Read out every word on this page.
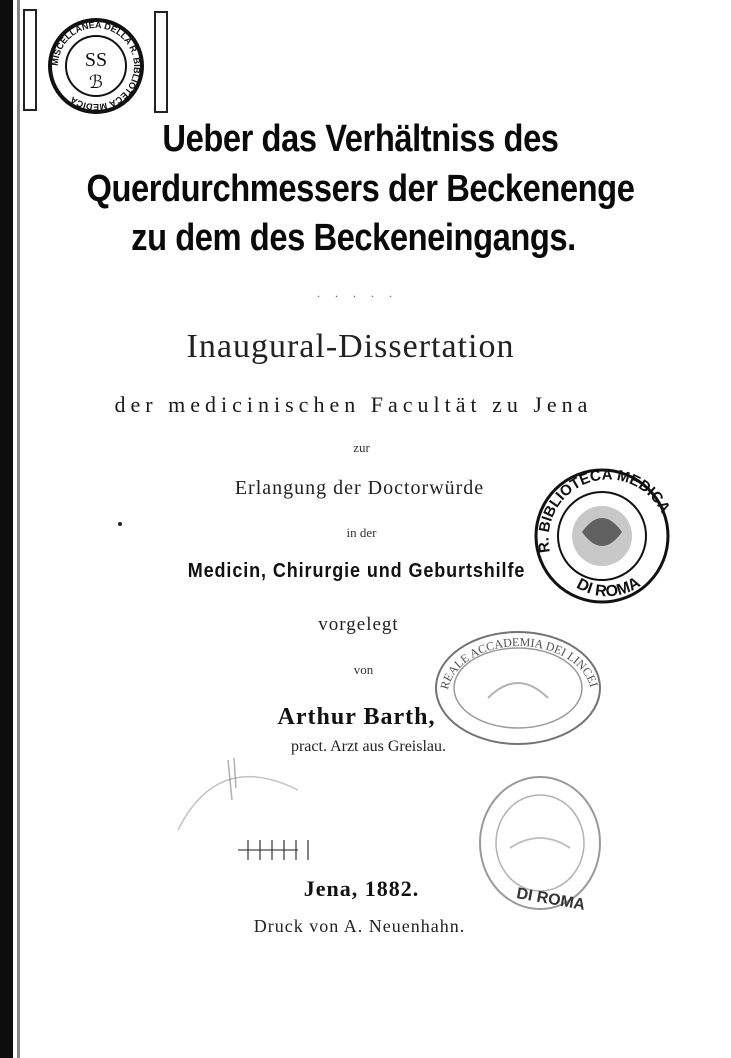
MISCELLANEA DELLA R. BIBLIOTECA MEDICA
SS
ℬ
Ueber das Verhältniss des
Querdurchmessers der Beckenenge
zu dem des Beckeneingangs.
. . . . .
Inaugural-Dissertation
der medicinischen Facultät zu Jena
zur
Erlangung der Doctorwürde
in der
Medicin, Chirurgie und Geburtshilfe
vorgelegt
von
Arthur Barth,
pract. Arzt aus Greislau.
Jena, 1882.
Druck von A. Neuenhahn.
R. BIBLIOTECA MEDICA
DI ROMA
REALE ACCADEMIA DEI LINCEI
DI ROMA
